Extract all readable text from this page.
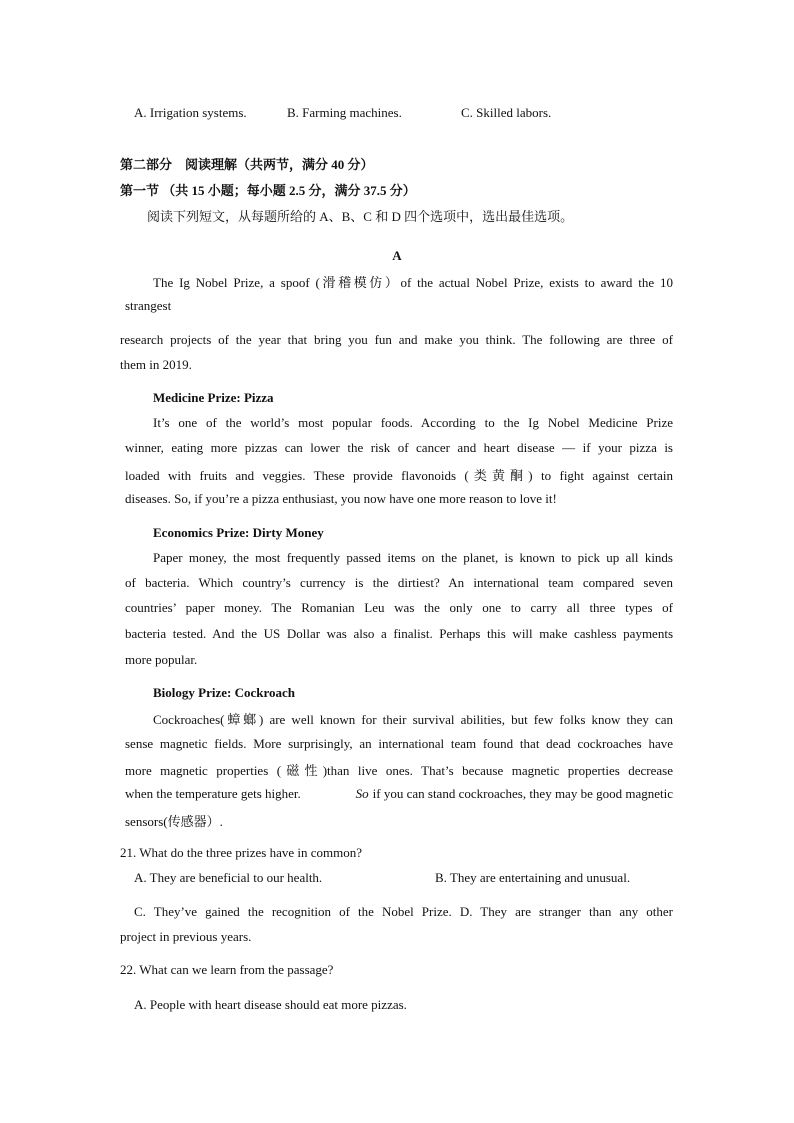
A. Irrigation systems.	B. Farming machines.	C. Skilled labors.
第二部分　阅读理解（共两节，满分 40 分）
第一节 （共 15 小题；每小题 2.5 分，满分 37.5 分）
阅读下列短文，从每题所给的 A、B、C 和 D 四个选项中，选出最佳选项。
A
The Ig Nobel Prize, a spoof (滑稽模仿）of the actual Nobel Prize, exists to award the 10
strangest
research projects of the year that bring you fun and make you think. The following are three of
them in 2019.
Medicine Prize: Pizza
It’s one of the world’s most popular foods. According to the Ig Nobel Medicine Prize
winner, eating more pizzas can lower the risk of cancer and heart disease — if your pizza is
loaded with fruits and veggies. These provide flavonoids (类黄酮) to fight against certain
diseases. So, if you’re a pizza enthusiast, you now have one more reason to love it!
Economics Prize: Dirty Money
Paper money, the most frequently passed items on the planet, is known to pick up all kinds
of bacteria. Which country’s currency is the dirtiest? An international team compared seven
countries’ paper money. The Romanian Leu was the only one to carry all three types of
bacteria tested. And the US Dollar was also a finalist. Perhaps this will make cashless payments
more popular.
Biology Prize: Cockroach
Cockroaches(蟑螂) are well known for their survival abilities, but few folks know they can
sense magnetic fields. More surprisingly, an international team found that dead cockroaches have
more magnetic properties (磁性)than live ones. That’s because magnetic properties decrease
when the temperature gets higher.	So if you can stand cockroaches, they may be good magnetic
sensors(传感器）.
21. What do the three prizes have in common?
A. They are beneficial to our health.	B. They are entertaining and unusual.
C. They’ve gained the recognition of the Nobel Prize. D. They are stranger than any other
project in previous years.
22. What can we learn from the passage?
A. People with heart disease should eat more pizzas.
